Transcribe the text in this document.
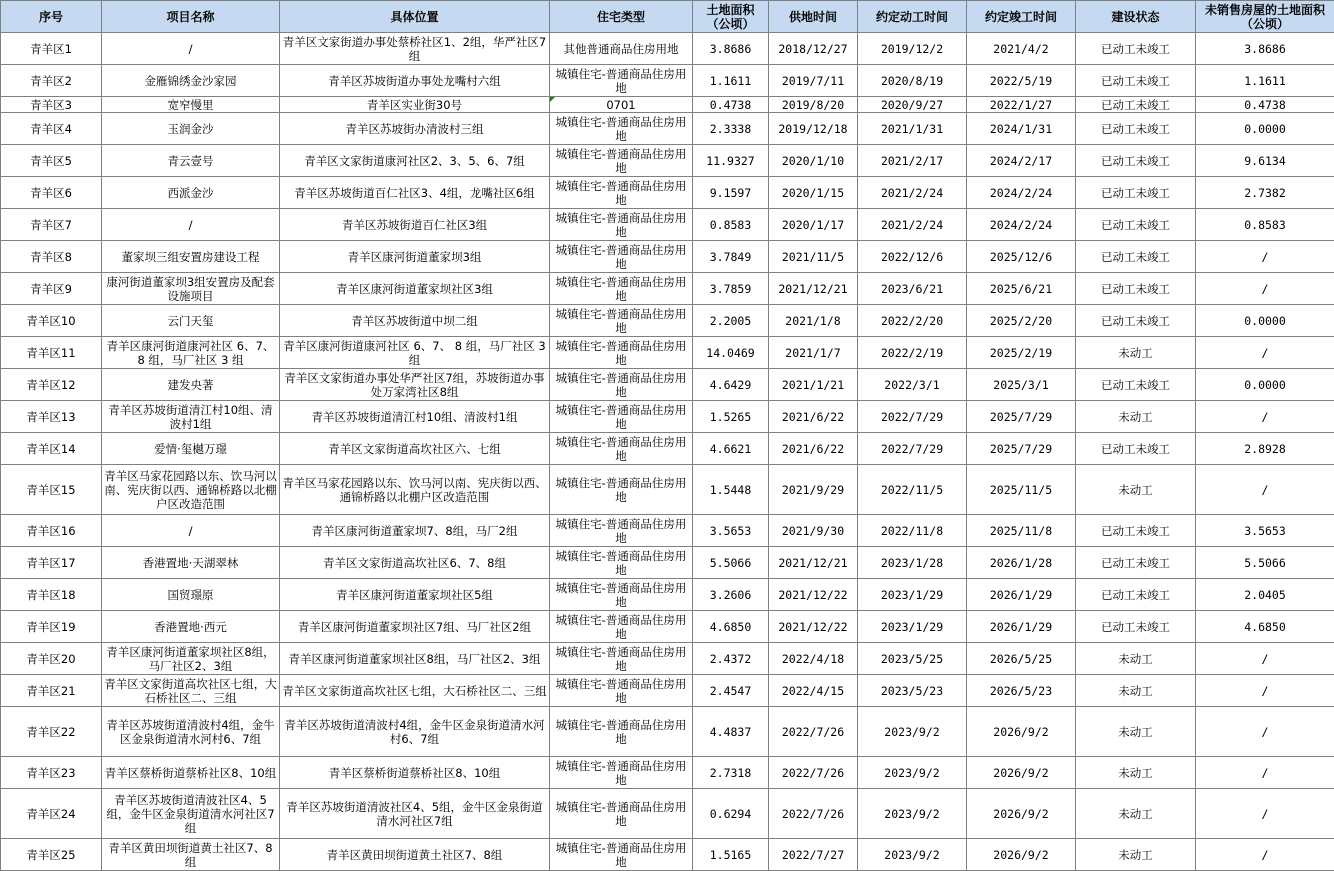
序号	项目名称	具体位置	住宅类型	土地面积（公顷）	供地时间	约定动工时间	约定竣工时间	建设状态	未销售房屋的土地面积（公顷）
青羊区1	/	青羊区文家街道办事处蔡桥社区1、2组，华严社区7组	其他普通商品住房用地	3.8686	2018/12/27	2019/12/2	2021/4/2	已动工未竣工	3.8686
青羊区2	金雁锦绣金沙家园	青羊区苏坡街道办事处龙嘴村六组	城镇住宅-普通商品住房用地	1.1611	2019/7/11	2020/8/19	2022/5/19	已动工未竣工	1.1611
青羊区3	宽窄慢里	青羊区实业街30号	0701	0.4738	2019/8/20	2020/9/27	2022/1/27	已动工未竣工	0.4738
青羊区4	玉润金沙	青羊区苏坡街办清波村三组	城镇住宅-普通商品住房用地	2.3338	2019/12/18	2021/1/31	2024/1/31	已动工未竣工	0.0000
青羊区5	青云壹号	青羊区文家街道康河社区2、3、5、6、7组	城镇住宅-普通商品住房用地	11.9327	2020/1/10	2021/2/17	2024/2/17	已动工未竣工	9.6134
青羊区6	西派金沙	青羊区苏坡街道百仁社区3、4组，龙嘴社区6组	城镇住宅-普通商品住房用地	9.1597	2020/1/15	2021/2/24	2024/2/24	已动工未竣工	2.7382
青羊区7	/	青羊区苏坡街道百仁社区3组	城镇住宅-普通商品住房用地	0.8583	2020/1/17	2021/2/24	2024/2/24	已动工未竣工	0.8583
青羊区8	董家坝三组安置房建设工程	青羊区康河街道董家坝3组	城镇住宅-普通商品住房用地	3.7849	2021/11/5	2022/12/6	2025/12/6	已动工未竣工	/
青羊区9	康河街道董家坝3组安置房及配套设施项目	青羊区康河街道董家坝社区3组	城镇住宅-普通商品住房用地	3.7859	2021/12/21	2023/6/21	2025/6/21	已动工未竣工	/
青羊区10	云门天玺	青羊区苏坡街道中坝二组	城镇住宅-普通商品住房用地	2.2005	2021/1/8	2022/2/20	2025/2/20	已动工未竣工	0.0000
青羊区11	青羊区康河街道康河社区 6、7、 8 组，马厂社区 3 组	青羊区康河街道康河社区 6、7、 8 组，马厂社区 3 组	城镇住宅-普通商品住房用地	14.0469	2021/1/7	2022/2/19	2025/2/19	未动工	/
青羊区12	建发央著	青羊区文家街道办事处华严社区7组，苏坡街道办事处万家湾社区8组	城镇住宅-普通商品住房用地	4.6429	2021/1/21	2022/3/1	2025/3/1	已动工未竣工	0.0000
青羊区13	青羊区苏坡街道清江村10组、清波村1组	青羊区苏坡街道清江村10组、清波村1组	城镇住宅-普通商品住房用地	1.5265	2021/6/22	2022/7/29	2025/7/29	未动工	/
青羊区14	爱情·玺樾万璟	青羊区文家街道高坎社区六、七组	城镇住宅-普通商品住房用地	4.6621	2021/6/22	2022/7/29	2025/7/29	已动工未竣工	2.8928
青羊区15	青羊区马家花园路以东、饮马河以南、宪庆街以西、通锦桥路以北棚户区改造范围	青羊区马家花园路以东、饮马河以南、宪庆街以西、通锦桥路以北棚户区改造范围	城镇住宅-普通商品住房用地	1.5448	2021/9/29	2022/11/5	2025/11/5	未动工	/
青羊区16	/	青羊区康河街道董家坝7、8组，马厂2组	城镇住宅-普通商品住房用地	3.5653	2021/9/30	2022/11/8	2025/11/8	已动工未竣工	3.5653
青羊区17	香港置地·天湖翠林	青羊区文家街道高坎社区6、7、8组	城镇住宅-普通商品住房用地	5.5066	2021/12/21	2023/1/28	2026/1/28	已动工未竣工	5.5066
青羊区18	国贸璟原	青羊区康河街道董家坝社区5组	城镇住宅-普通商品住房用地	3.2606	2021/12/22	2023/1/29	2026/1/29	已动工未竣工	2.0405
青羊区19	香港置地·西元	青羊区康河街道董家坝社区7组、马厂社区2组	城镇住宅-普通商品住房用地	4.6850	2021/12/22	2023/1/29	2026/1/29	已动工未竣工	4.6850
青羊区20	青羊区康河街道董家坝社区8组，马厂社区2、3组	青羊区康河街道董家坝社区8组，马厂社区2、3组	城镇住宅-普通商品住房用地	2.4372	2022/4/18	2023/5/25	2026/5/25	未动工	/
青羊区21	青羊区文家街道高坎社区七组，大石桥社区二、三组	青羊区文家街道高坎社区七组，大石桥社区二、三组	城镇住宅-普通商品住房用地	2.4547	2022/4/15	2023/5/23	2026/5/23	未动工	/
青羊区22	青羊区苏坡街道清波村4组，金牛区金泉街道清水河村6、7组	青羊区苏坡街道清波村4组，金牛区金泉街道清水河村6、7组	城镇住宅-普通商品住房用地	4.4837	2022/7/26	2023/9/2	2026/9/2	未动工	/
青羊区23	青羊区蔡桥街道蔡桥社区8、10组	青羊区蔡桥街道蔡桥社区8、10组	城镇住宅-普通商品住房用地	2.7318	2022/7/26	2023/9/2	2026/9/2	未动工	/
青羊区24	青羊区苏坡街道清波社区4、5组，金牛区金泉街道清水河社区7组	青羊区苏坡街道清波社区4、5组，金牛区金泉街道清水河社区7组	城镇住宅-普通商品住房用地	0.6294	2022/7/26	2023/9/2	2026/9/2	未动工	/
青羊区25	青羊区黄田坝街道黄土社区7、8组	青羊区黄田坝街道黄土社区7、8组	城镇住宅-普通商品住房用地	1.5165	2022/7/27	2023/9/2	2026/9/2	未动工	/
